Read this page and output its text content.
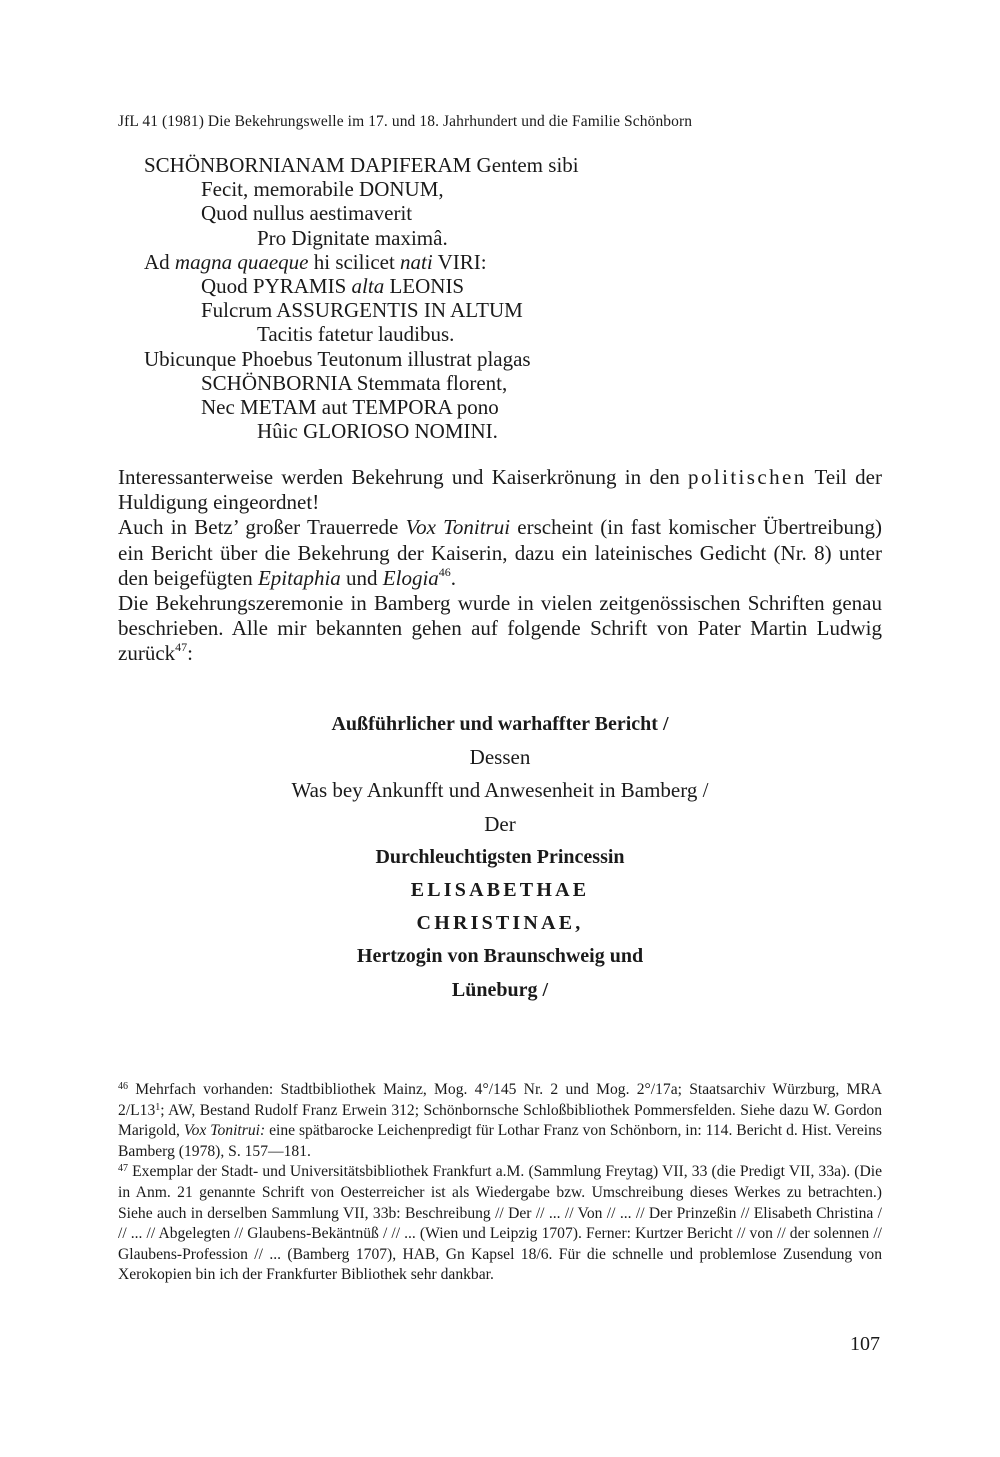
JfL 41 (1981) Die Bekehrungswelle im 17. und 18. Jahrhundert und die Familie Schönborn
SCHÖNBORNIANAM DAPIFERAM Gentem sibi
Fecit, memorabile DONUM,
Quod nullus aestimaverit
Pro Dignitate maximâ.
Ad magna quaeque hi scilicet nati VIRI:
Quod PYRAMIS alta LEONIS
Fulcrum ASSURGENTIS IN ALTUM
Tacitis fatetur laudibus.
Ubicunque Phoebus Teutonum illustrat plagas
SCHÖNBORNIA Stemmata florent,
Nec METAM aut TEMPORA pono
Hûic GLORIOSO NOMINI.

Interessanterweise werden Bekehrung und Kaiserkrönung in den politischen Teil der Huldigung eingeordnet!

Auch in Betz’ großer Trauerrede Vox Tonitrui erscheint (in fast komischer Übertreibung) ein Bericht über die Bekehrung der Kaiserin, dazu ein lateinisches Gedicht (Nr. 8) unter den beigefügten Epitaphia und Elogia$^{46}$.

Die Bekehrungszeremonie in Bamberg wurde in vielen zeitgenössischen Schriften genau beschrieben. Alle mir bekannten gehen auf folgende Schrift von Pater Martin Ludwig zurück$^{47}$:

Außführlicher und warhaffter Bericht /
Dessen
Was bey Ankunfft und Anwesenheit in Bamberg /
Der
Durchleuchtigsten Princessin
ELISABETHAE
CHRISTINAE,
Hertzogin von Braunschweig und
Lüneburg /

$^{46}$ Mehrfach vorhanden: Stadtbibliothek Mainz, Mog. 4°/145 Nr. 2 und Mog. 2°/17a; Staatsarchiv Würzburg, MRA 2/L13$^1$; AW, Bestand Rudolf Franz Erwein 312; Schönbornsche Schloßbibliothek Pommersfelden. Siehe dazu W. Gordon Marigold, Vox Tonitrui: eine spätbarocke Leichenpredigt für Lothar Franz von Schönborn, in: 114. Bericht d. Hist. Vereins Bamberg (1978), S. 157—181.

$^{47}$ Exemplar der Stadt- und Universitätsbibliothek Frankfurt a.M. (Sammlung Freytag) VII, 33 (die Predigt VII, 33a). (Die in Anm. 21 genannte Schrift von Oesterreicher ist als Wiedergabe bzw. Umschreibung dieses Werkes zu betrachten.) Siehe auch in derselben Sammlung VII, 33b: Beschreibung // Der // ... // Von // ... // Der Prinzeßin // Elisabeth Christina / // ... // Abgelegten // Glaubens-Bekäntnüß / // ... (Wien und Leipzig 1707). Ferner: Kurtzer Bericht // von // der solennen // Glaubens-Profession // ... (Bamberg 1707), HAB, Gn Kapsel 18/6. Für die schnelle und problemlose Zusendung von Xerokopien bin ich der Frankfurter Bibliothek sehr dankbar.

107
